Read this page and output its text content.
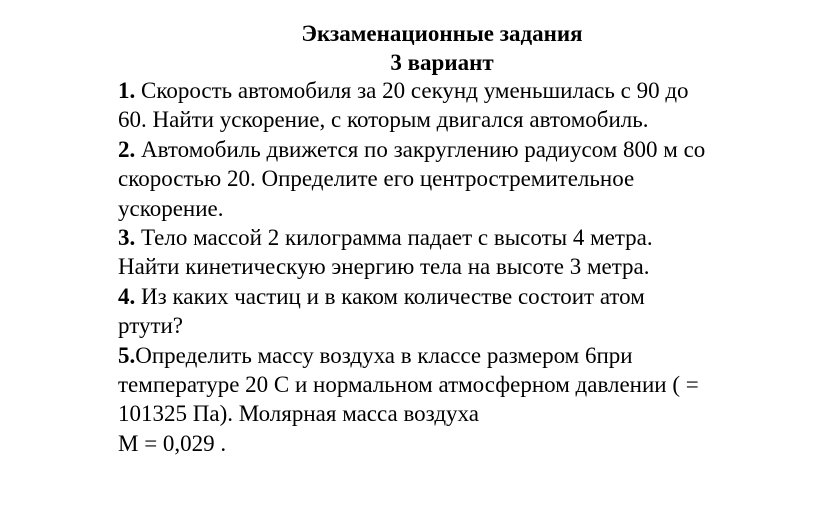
Экзаменационные задания
3 вариант
1. Скорость автомобиля за 20 секунд уменьшилась с 90 до
60. Найти ускорение, с которым двигался автомобиль.
2. Автомобиль движется по закруглению радиусом 800 м со
скоростью 20. Определите его центростремительное
ускорение.
3. Тело массой 2 килограмма падает с высоты 4 метра.
Найти кинетическую энергию тела на высоте 3 метра.
4. Из каких частиц и в каком количестве состоит атом
ртути?
5.Определить массу воздуха в классе размером 6при
температуре 20 С и нормальном атмосферном давлении ( =
101325 Па). Молярная масса воздуха
М = 0,029 .
